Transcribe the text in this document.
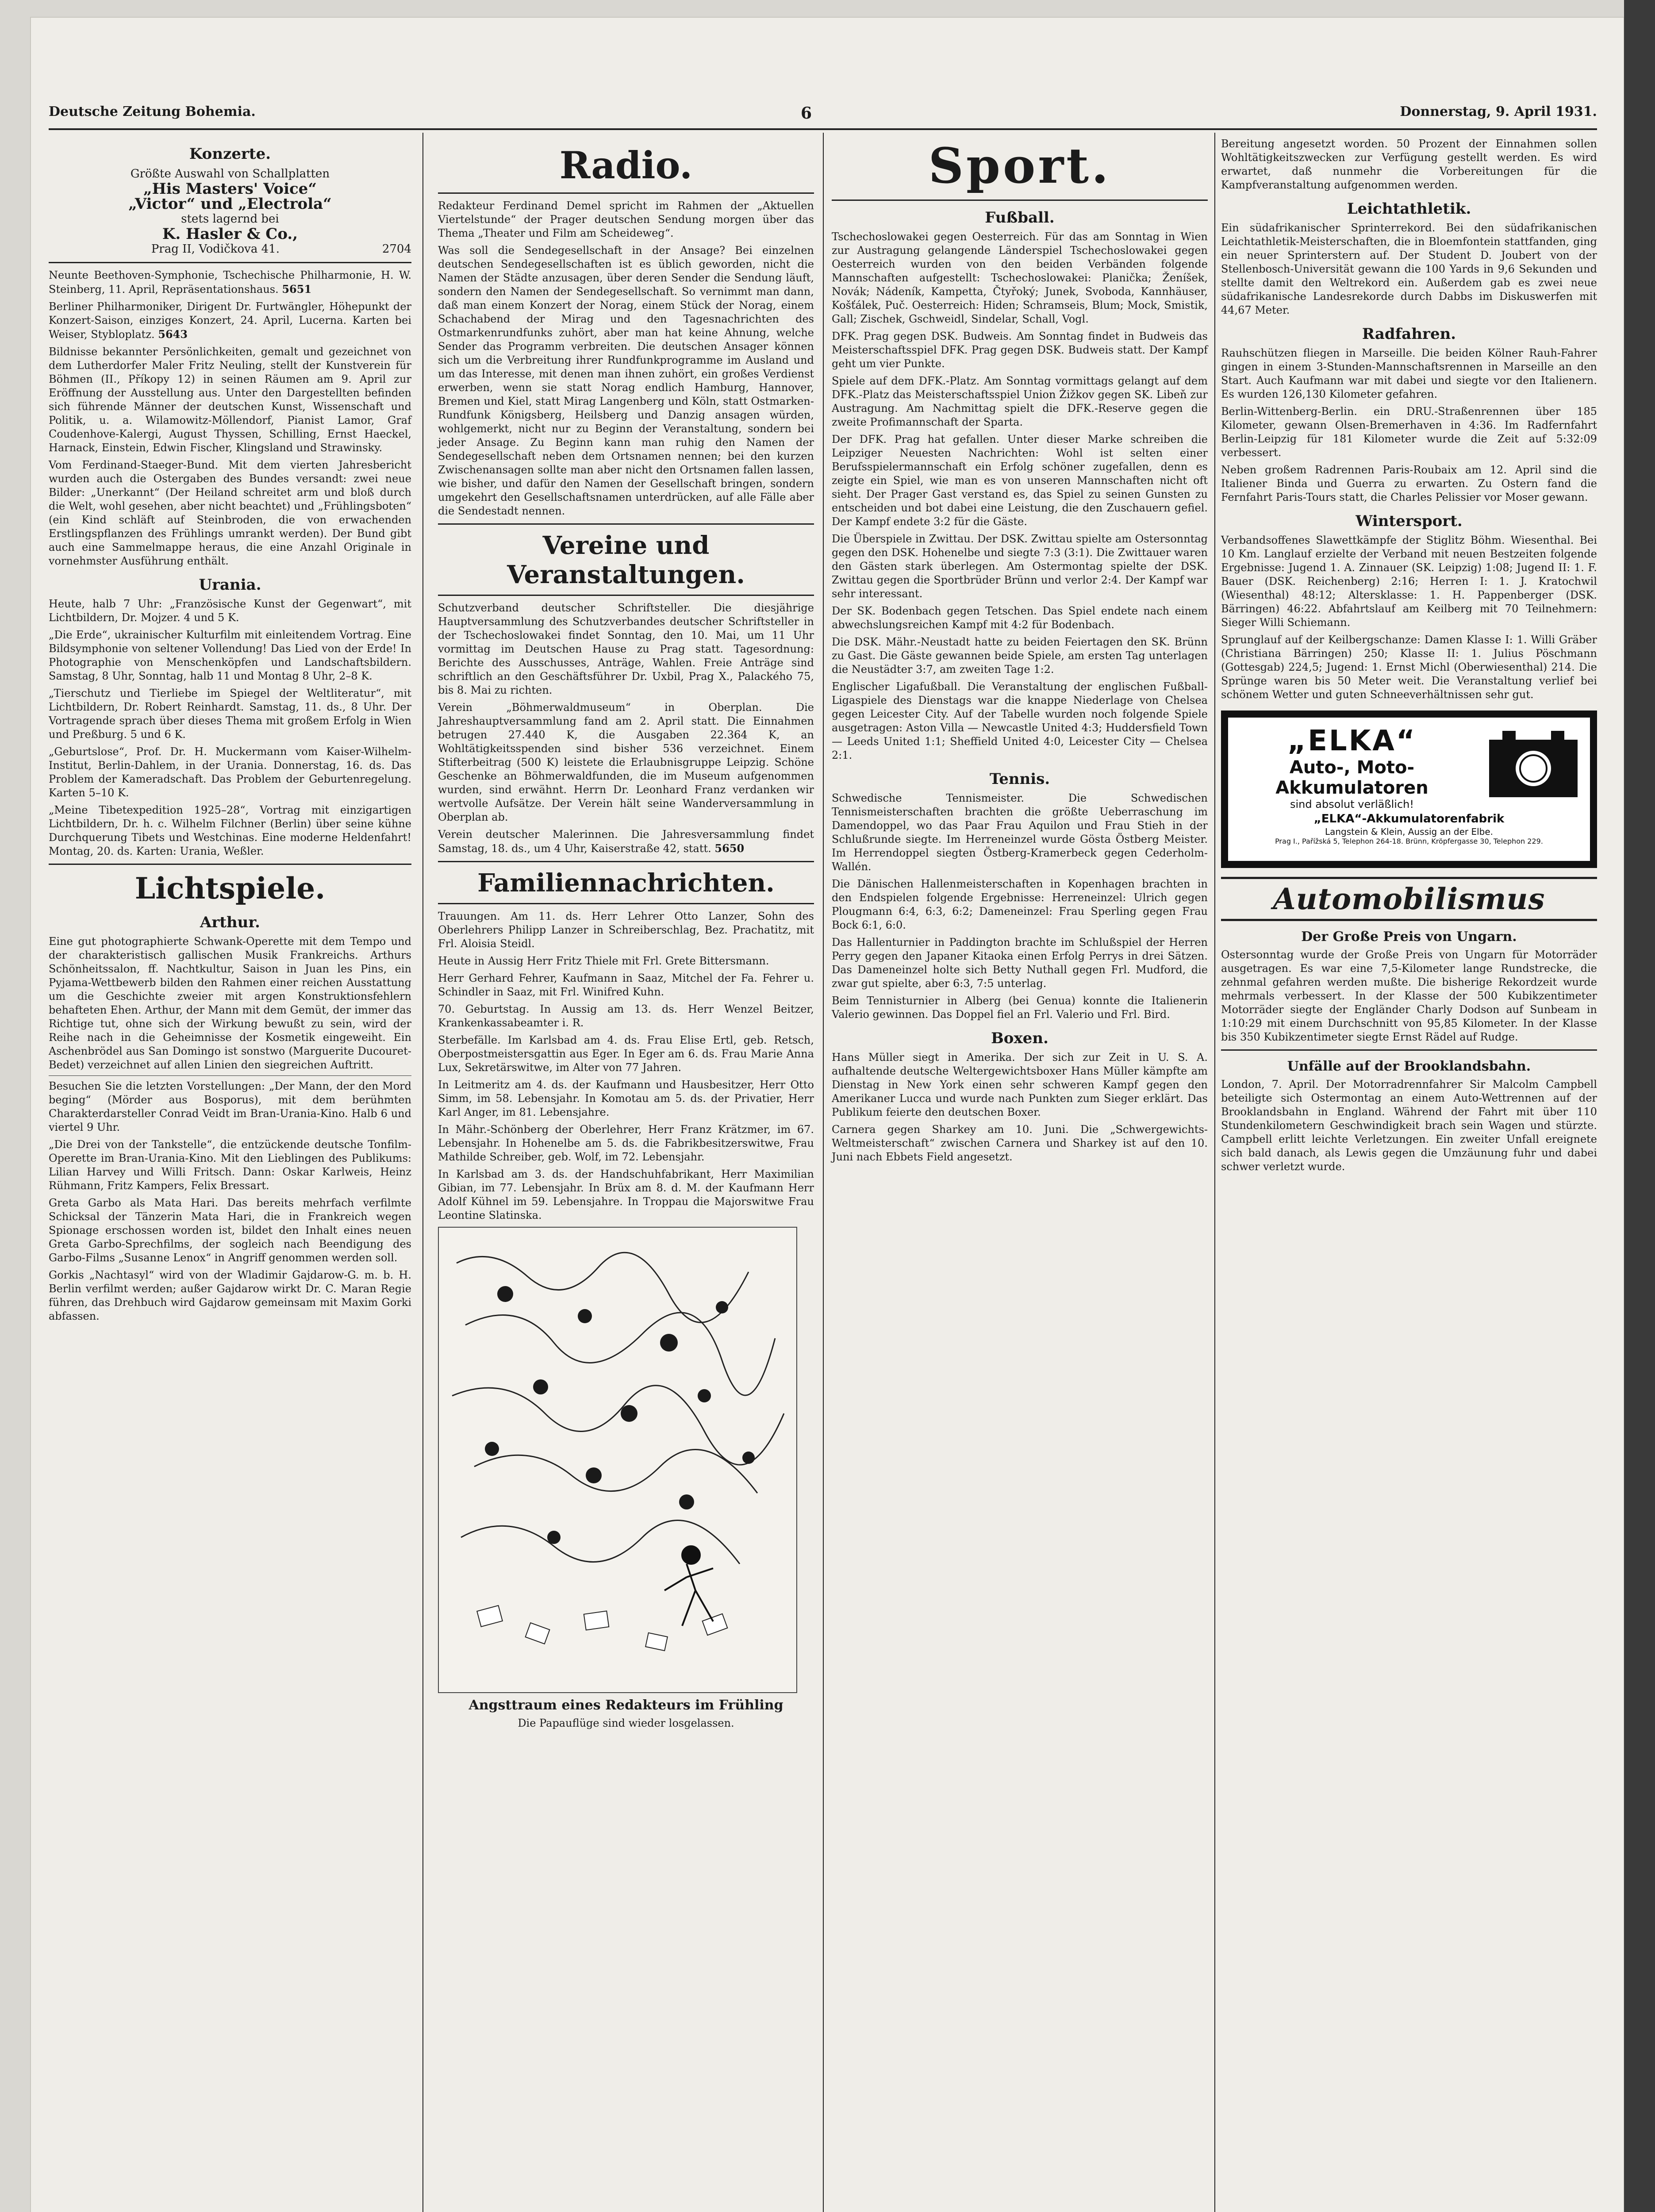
Deutsche Zeitung Bohemia.	6	Donnerstag, 9. April 1931.
Konzerte.
Größte Auswahl von Schallplatten
„His Masters' Voice“
„Victor“ und „Electrola“
stets lagernd bei
K. Hasler & Co.,
Prag II, Vodičkova 41.	2704

Neunte Beethoven-Symphonie, Tschechische Philharmonie, H. W. Steinberg, 11. April, Repräsentationshaus. 5651

Berliner Philharmoniker, Dirigent Dr. Furtwängler, Höhepunkt der Konzert-Saison, einziges Konzert, 24. April, Lucerna. Karten bei Weiser, Stybloplatz. 5643

Bildnisse bekannter Persönlichkeiten, gemalt und gezeichnet von dem Lutherdorfer Maler Fritz Neuling, stellt der Kunstverein für Böhmen (II., Příkopy 12) in seinen Räumen am 9. April zur Eröffnung der Ausstellung aus. Unter den Dargestellten befinden sich führende Männer der deutschen Kunst, Wissenschaft und Politik, u. a. Wilamowitz-Möllendorf, Pianist Lamor, Graf Coudenhove-Kalergi, August Thyssen, Schilling, Ernst Haeckel, Harnack, Einstein, Edwin Fischer, Klingsland und Strawinsky.

Vom Ferdinand-Staeger-Bund. Mit dem vierten Jahresbericht wurden auch die Ostergaben des Bundes versandt: zwei neue Bilder: „Unerkannt“ (Der Heiland schreitet arm und bloß durch die Welt, wohl gesehen, aber nicht beachtet) und „Frühlingsboten“ (ein Kind schläft auf Steinbroden, die von erwachenden Erstlingspflanzen des Frühlings umrankt werden). Der Bund gibt auch eine Sammelmappe heraus, die eine Anzahl Originale in vornehmster Ausführung enthält.

Urania.

Heute, halb 7 Uhr: „Französische Kunst der Gegenwart“, mit Lichtbildern, Dr. Mojzer. 4 und 5 K.

„Die Erde“, ukrainischer Kulturfilm mit einleitendem Vortrag. Eine Bildsymphonie von seltener Vollendung! Das Lied von der Erde! In Photographie von Menschenköpfen und Landschaftsbildern. Samstag, 8 Uhr, Sonntag, halb 11 und Montag 8 Uhr, 2–8 K.

„Tierschutz und Tierliebe im Spiegel der Weltliteratur“, mit Lichtbildern, Dr. Robert Reinhardt. Samstag, 11. ds., 8 Uhr. Der Vortragende sprach über dieses Thema mit großem Erfolg in Wien und Preßburg. 5 und 6 K.

„Geburtslose“, Prof. Dr. H. Muckermann vom Kaiser-Wilhelm-Institut, Berlin-Dahlem, in der Urania. Donnerstag, 16. ds. Das Problem der Kameradschaft. Das Problem der Geburtenregelung. Karten 5–10 K.

„Meine Tibetexpedition 1925–28“, Vortrag mit einzigartigen Lichtbildern, Dr. h. c. Wilhelm Filchner (Berlin) über seine kühne Durchquerung Tibets und Westchinas. Eine moderne Heldenfahrt! Montag, 20. ds. Karten: Urania, Weßler.

Lichtspiele.
Arthur.

Eine gut photographierte Schwank-Operette mit dem Tempo und der charakteristisch gallischen Musik Frankreichs. Arthurs Schönheitssalon, ff. Nachtkultur, Saison in Juan les Pins, ein Pyjama-Wettbewerb bilden den Rahmen einer reichen Ausstattung um die Geschichte zweier mit argen Konstruktionsfehlern behafteten Ehen. Arthur, der Mann mit dem Gemüt, der immer das Richtige tut, ohne sich der Wirkung bewußt zu sein, wird der Reihe nach in die Geheimnisse der Kosmetik eingeweiht. Ein Aschenbrödel aus San Domingo ist sonstwo (Marguerite Ducouret-Bedet) verzeichnet auf allen Linien den siegreichen Auftritt.

Besuchen Sie die letzten Vorstellungen: „Der Mann, der den Mord beging“ (Mörder aus Bosporus), mit dem berühmten Charakterdarsteller Conrad Veidt im Bran-Urania-Kino. Halb 6 und viertel 9 Uhr.

„Die Drei von der Tankstelle“, die entzückende deutsche Tonfilm-Operette im Bran-Urania-Kino. Mit den Lieblingen des Publikums: Lilian Harvey und Willi Fritsch. Dann: Oskar Karlweis, Heinz Rühmann, Fritz Kampers, Felix Bressart.

Greta Garbo als Mata Hari. Das bereits mehrfach verfilmte Schicksal der Tänzerin Mata Hari, die in Frankreich wegen Spionage erschossen worden ist, bildet den Inhalt eines neuen Greta Garbo-Sprechfilms, der sogleich nach Beendigung des Garbo-Films „Susanne Lenox“ in Angriff genommen werden soll.

Gorkis „Nachtasyl“ wird von der Wladimir Gajdarow-G. m. b. H. Berlin verfilmt werden; außer Gajdarow wirkt Dr. C. Maran Regie führen, das Drehbuch wird Gajdarow gemeinsam mit Maxim Gorki abfassen.

Radio.

Redakteur Ferdinand Demel spricht im Rahmen der „Aktuellen Viertelstunde“ der Prager deutschen Sendung morgen über das Thema „Theater und Film am Scheideweg“.

Was soll die Sendegesellschaft in der Ansage? Bei einzelnen deutschen Sendegesellschaften ist es üblich geworden, nicht die Namen der Städte anzusagen, über deren Sender die Sendung läuft, sondern den Namen der Sendegesellschaft. So vernimmt man dann, daß man einem Konzert der Norag, einem Stück der Norag, einem Schachabend der Mirag und den Tagesnachrichten des Ostmarkenrundfunks zuhört, aber man hat keine Ahnung, welche Sender das Programm verbreiten. Die deutschen Ansager können sich um die Verbreitung ihrer Rundfunkprogramme im Ausland und um das Interesse, mit denen man ihnen zuhört, ein großes Verdienst erwerben, wenn sie statt Norag endlich Hamburg, Hannover, Bremen und Kiel, statt Mirag Langenberg und Köln, statt Ostmarken-Rundfunk Königsberg, Heilsberg und Danzig ansagen würden, wohlgemerkt, nicht nur zu Beginn der Veranstaltung, sondern bei jeder Ansage. Zu Beginn kann man ruhig den Namen der Sendegesellschaft neben dem Ortsnamen nennen; bei den kurzen Zwischenansagen sollte man aber nicht den Ortsnamen fallen lassen, wie bisher, und dafür den Namen der Gesellschaft bringen, sondern umgekehrt den Gesellschaftsnamen unterdrücken, auf alle Fälle aber die Sendestadt nennen.

Vereine und Veranstaltungen.

Schutzverband deutscher Schriftsteller. Die diesjährige Hauptversammlung des Schutzverbandes deutscher Schriftsteller in der Tschechoslowakei findet Sonntag, den 10. Mai, um 11 Uhr vormittag im Deutschen Hause zu Prag statt. Tagesordnung: Berichte des Ausschusses, Anträge, Wahlen. Freie Anträge sind schriftlich an den Geschäftsführer Dr. Uxbil, Prag X., Palackého 75, bis 8. Mai zu richten.

Verein „Böhmerwaldmuseum“ in Oberplan. Die Jahreshauptversammlung fand am 2. April statt. Die Einnahmen betrugen 27.440 K, die Ausgaben 22.364 K, an Wohltätigkeitsspenden sind bisher 536 verzeichnet. Einem Stifterbeitrag (500 K) leistete die Erlaubnisgruppe Leipzig. Schöne Geschenke an Böhmerwaldfunden, die im Museum aufgenommen wurden, sind erwähnt. Herrn Dr. Leonhard Franz verdanken wir wertvolle Aufsätze. Der Verein hält seine Wanderversammlung in Oberplan ab.

Verein deutscher Malerinnen. Die Jahresversammlung findet Samstag, 18. ds., um 4 Uhr, Kaiserstraße 42, statt. 5650

Familiennachrichten.

Trauungen. Am 11. ds. Herr Lehrer Otto Lanzer, Sohn des Oberlehrers Philipp Lanzer in Schreiberschlag, Bez. Prachatitz, mit Frl. Aloisia Steidl.

Heute in Aussig Herr Fritz Thiele mit Frl. Grete Bittersmann.

Herr Gerhard Fehrer, Kaufmann in Saaz, Mitchel der Fa. Fehrer u. Schindler in Saaz, mit Frl. Winifred Kuhn.

70. Geburtstag. In Aussig am 13. ds. Herr Wenzel Beitzer, Krankenkassabeamter i. R.

Sterbefälle. Im Karlsbad am 4. ds. Frau Elise Ertl, geb. Retsch, Oberpostmeistersgattin aus Eger. In Eger am 6. ds. Frau Marie Anna Lux, Sekretärswitwe, im Alter von 77 Jahren.

In Leitmeritz am 4. ds. der Kaufmann und Hausbesitzer, Herr Otto Simm, im 58. Lebensjahr. In Komotau am 5. ds. der Privatier, Herr Karl Anger, im 81. Lebensjahre.

In Mähr.-Schönberg der Oberlehrer, Herr Franz Krätzmer, im 67. Lebensjahr. In Hohenelbe am 5. ds. die Fabrikbesitzerswitwe, Frau Mathilde Schreiber, geb. Wolf, im 72. Lebensjahr.

In Karlsbad am 3. ds. der Handschuhfabrikant, Herr Maximilian Gibian, im 77. Lebensjahr. In Brüx am 8. d. M. der Kaufmann Herr Adolf Kühnel im 59. Lebensjahre. In Troppau die Majorswitwe Frau Leontine Slatinska.

Angsttraum eines Redakteurs im Frühling
Die Papauflüge sind wieder losgelassen.
Sport.
Fußball.

Tschechoslowakei gegen Oesterreich. Für das am Sonntag in Wien zur Austragung gelangende Länderspiel Tschechoslowakei gegen Oesterreich wurden von den beiden Verbänden folgende Mannschaften aufgestellt: Tschechoslowakei: Planička; Ženíšek, Novák; Nádeník, Kampetta, Čtyřoký; Junek, Svoboda, Kannhäuser, Košťálek, Puč. Oesterreich: Hiden; Schramseis, Blum; Mock, Smistik, Gall; Zischek, Gschweidl, Sindelar, Schall, Vogl.

DFK. Prag gegen DSK. Budweis. Am Sonntag findet in Budweis das Meisterschaftsspiel DFK. Prag gegen DSK. Budweis statt. Der Kampf geht um vier Punkte.

Spiele auf dem DFK.-Platz. Am Sonntag vormittags gelangt auf dem DFK.-Platz das Meisterschaftsspiel Union Žižkov gegen SK. Libeň zur Austragung. Am Nachmittag spielt die DFK.-Reserve gegen die zweite Profimannschaft der Sparta.

Der DFK. Prag hat gefallen. Unter dieser Marke schreiben die Leipziger Neuesten Nachrichten: Wohl ist selten einer Berufsspielermannschaft ein Erfolg schöner zugefallen, denn es zeigte ein Spiel, wie man es von unseren Mannschaften nicht oft sieht. Der Prager Gast verstand es, das Spiel zu seinen Gunsten zu entscheiden und bot dabei eine Leistung, die den Zuschauern gefiel. Der Kampf endete 3:2 für die Gäste.

Die Überspiele in Zwittau. Der DSK. Zwittau spielte am Ostersonntag gegen den DSK. Hohenelbe und siegte 7:3 (3:1). Die Zwittauer waren den Gästen stark überlegen. Am Ostermontag spielte der DSK. Zwittau gegen die Sportbrüder Brünn und verlor 2:4. Der Kampf war sehr interessant.

Der SK. Bodenbach gegen Tetschen. Das Spiel endete nach einem abwechslungsreichen Kampf mit 4:2 für Bodenbach.

Die DSK. Mähr.-Neustadt hatte zu beiden Feiertagen den SK. Brünn zu Gast. Die Gäste gewannen beide Spiele, am ersten Tag unterlagen die Neustädter 3:7, am zweiten Tage 1:2.

Englischer Ligafußball. Die Veranstaltung der englischen Fußball-Ligaspiele des Dienstags war die knappe Niederlage von Chelsea gegen Leicester City. Auf der Tabelle wurden noch folgende Spiele ausgetragen: Aston Villa — Newcastle United 4:3; Huddersfield Town — Leeds United 1:1; Sheffield United 4:0, Leicester City — Chelsea 2:1.

Tennis.

Schwedische Tennismeister. Die Schwedischen Tennismeisterschaften brachten die größte Ueberraschung im Damendoppel, wo das Paar Frau Aquilon und Frau Stieh in der Schlußrunde siegte. Im Herreneinzel wurde Gösta Östberg Meister. Im Herrendoppel siegten Östberg-Kramerbeck gegen Cederholm-Wallén.

Die Dänischen Hallenmeisterschaften in Kopenhagen brachten in den Endspielen folgende Ergebnisse: Herreneinzel: Ulrich gegen Plougmann 6:4, 6:3, 6:2; Dameneinzel: Frau Sperling gegen Frau Bock 6:1, 6:0.

Das Hallenturnier in Paddington brachte im Schlußspiel der Herren Perry gegen den Japaner Kitaoka einen Erfolg Perrys in drei Sätzen. Das Dameneinzel holte sich Betty Nuthall gegen Frl. Mudford, die zwar gut spielte, aber 6:3, 7:5 unterlag.

Beim Tennisturnier in Alberg (bei Genua) konnte die Italienerin Valerio gewinnen. Das Doppel fiel an Frl. Valerio und Frl. Bird.

Boxen.

Hans Müller siegt in Amerika. Der sich zur Zeit in U. S. A. aufhaltende deutsche Weltergewichtsboxer Hans Müller kämpfte am Dienstag in New York einen sehr schweren Kampf gegen den Amerikaner Lucca und wurde nach Punkten zum Sieger erklärt. Das Publikum feierte den deutschen Boxer.

Carnera gegen Sharkey am 10. Juni. Die „Schwergewichts-Weltmeisterschaft“ zwischen Carnera und Sharkey ist auf den 10. Juni nach Ebbets Field angesetzt.

Bereitung angesetzt worden. 50 Prozent der Einnahmen sollen Wohltätigkeitszwecken zur Verfügung gestellt werden. Es wird erwartet, daß nunmehr die Vorbereitungen für die Kampfveranstaltung aufgenommen werden.

Leichtathletik.

Ein südafrikanischer Sprinterrekord. Bei den südafrikanischen Leichtathletik-Meisterschaften, die in Bloemfontein stattfanden, ging ein neuer Sprinterstern auf. Der Student D. Joubert von der Stellenbosch-Universität gewann die 100 Yards in 9,6 Sekunden und stellte damit den Weltrekord ein. Außerdem gab es zwei neue südafrikanische Landesrekorde durch Dabbs im Diskuswerfen mit 44,67 Meter.

Radfahren.

Rauhschützen fliegen in Marseille. Die beiden Kölner Rauh-Fahrer gingen in einem 3-Stunden-Mannschaftsrennen in Marseille an den Start. Auch Kaufmann war mit dabei und siegte vor den Italienern. Es wurden 126,130 Kilometer gefahren.

Berlin-Wittenberg-Berlin. ein DRU.-Straßenrennen über 185 Kilometer, gewann Olsen-Bremerhaven in 4:36. Im Radfernfahrt Berlin-Leipzig für 181 Kilometer wurde die Zeit auf 5:32:09 verbessert.

Neben großem Radrennen Paris-Roubaix am 12. April sind die Italiener Binda und Guerra zu erwarten. Zu Ostern fand die Fernfahrt Paris-Tours statt, die Charles Pelissier vor Moser gewann.

Wintersport.

Verbandsoffenes Slawettkämpfe der Stiglitz Böhm. Wiesenthal. Bei 10 Km. Langlauf erzielte der Verband mit neuen Bestzeiten folgende Ergebnisse: Jugend 1. A. Zinnauer (SK. Leipzig) 1:08; Jugend II: 1. F. Bauer (DSK. Reichenberg) 2:16; Herren I: 1. J. Kratochwil (Wiesenthal) 48:12; Altersklasse: 1. H. Pappenberger (DSK. Bärringen) 46:22. Abfahrtslauf am Keilberg mit 70 Teilnehmern: Sieger Willi Schiemann.

Sprunglauf auf der Keilbergschanze: Damen Klasse I: 1. Willi Gräber (Christiana Bärringen) 250; Klasse II: 1. Julius Pöschmann (Gottesgab) 224,5; Jugend: 1. Ernst Michl (Oberwiesenthal) 214. Die Sprünge waren bis 50 Meter weit. Die Veranstaltung verlief bei schönem Wetter und guten Schneeverhältnissen sehr gut.

„ELKA“
Auto-, Moto-
Akkumulatoren
sind absolut verläßlich!
„ELKA“-Akkumulatorenfabrik
Langstein & Klein, Aussig an der Elbe.
Prag I., Pařížská 5, Telephon 264-18. Brünn, Kröpfergasse 30, Telephon 229.
Automobilismus
Der Große Preis von Ungarn.

Ostersonntag wurde der Große Preis von Ungarn für Motorräder ausgetragen. Es war eine 7,5-Kilometer lange Rundstrecke, die zehnmal gefahren werden mußte. Die bisherige Rekordzeit wurde mehrmals verbessert. In der Klasse der 500 Kubikzentimeter Motorräder siegte der Engländer Charly Dodson auf Sunbeam in 1:10:29 mit einem Durchschnitt von 95,85 Kilometer. In der Klasse bis 350 Kubikzentimeter siegte Ernst Rädel auf Rudge.

Unfälle auf der Brooklandsbahn.

London, 7. April. Der Motorradrennfahrer Sir Malcolm Campbell beteiligte sich Ostermontag an einem Auto-Wettrennen auf der Brooklandsbahn in England. Während der Fahrt mit über 110 Stundenkilometern Geschwindigkeit brach sein Wagen und stürzte. Campbell erlitt leichte Verletzungen. Ein zweiter Unfall ereignete sich bald danach, als Lewis gegen die Umzäunung fuhr und dabei schwer verletzt wurde.
